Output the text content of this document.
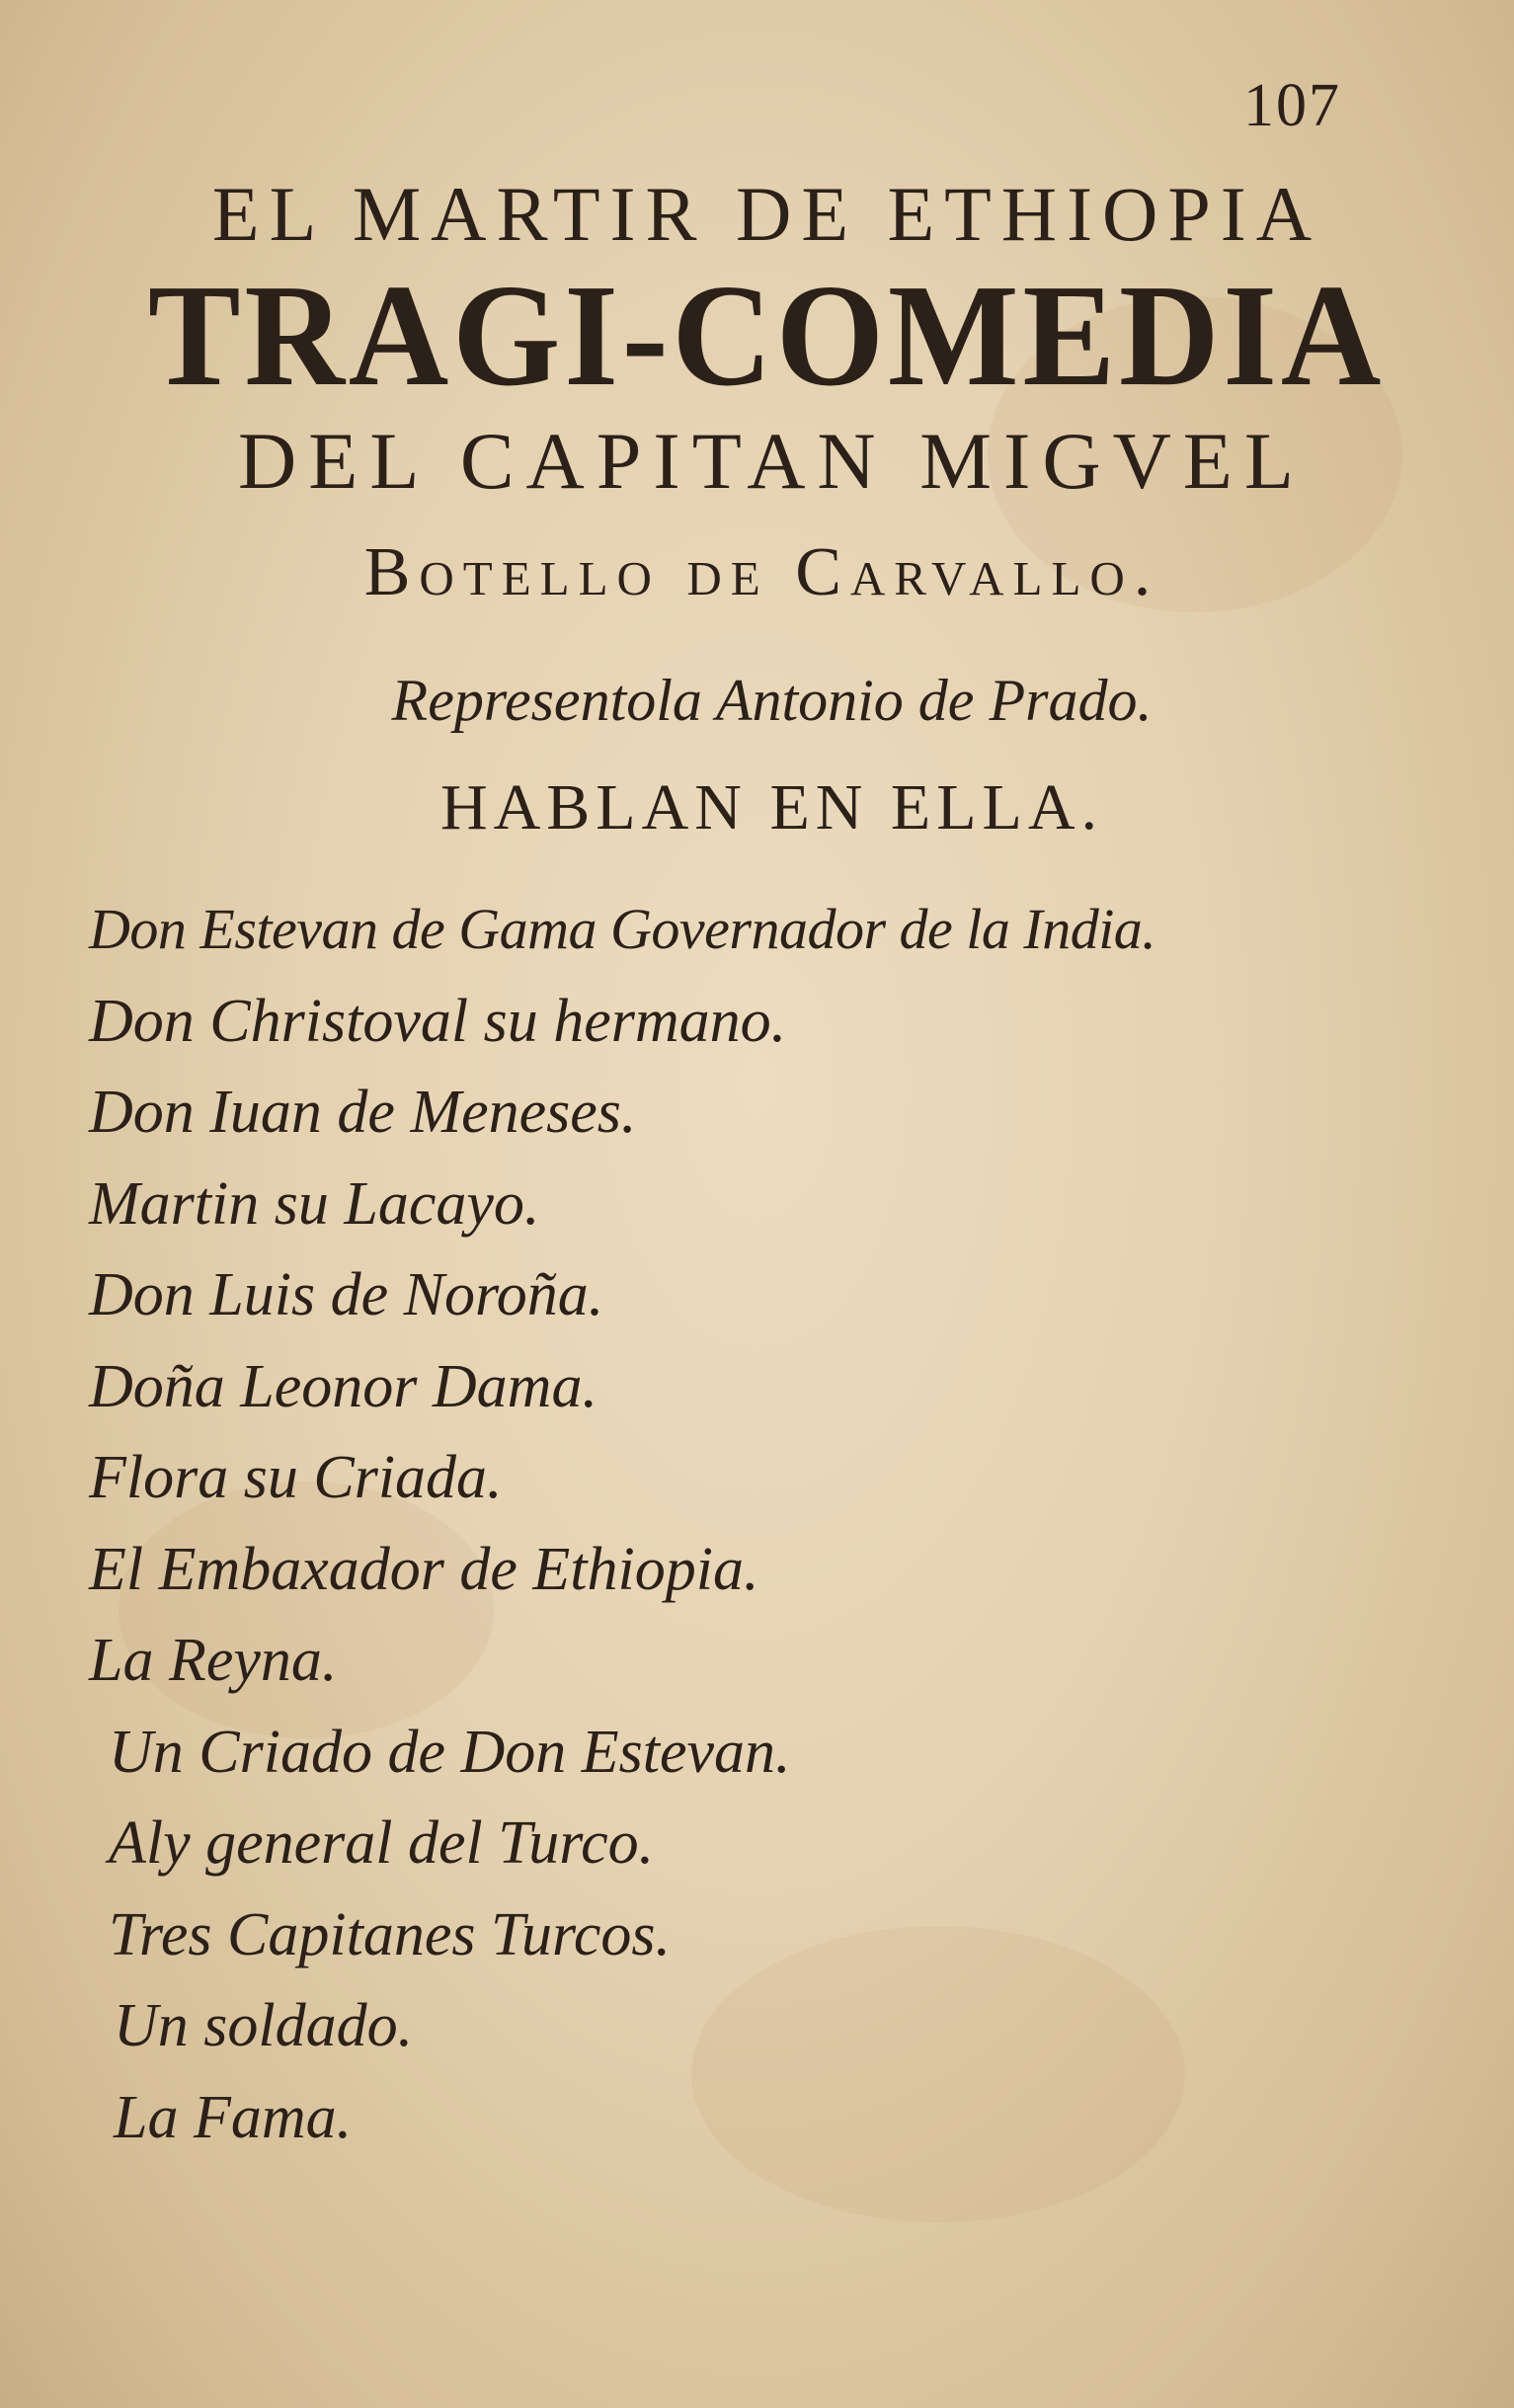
107
EL MARTIR DE ETHIOPIA
TRAGI-COMEDIA
DEL CAPITAN MIGVEL
Botello de Carvallo.
Representola Antonio de Prado.
HABLAN EN ELLA.
Don Estevan de Gama Governador de la India.
Don Christoval su hermano.
Don Iuan de Meneses.
Martin su Lacayo.
Don Luis de Noroña.
Doña Leonor Dama.
Flora su Criada.
El Embaxador de Ethiopia.
La Reyna.
Un Criado de Don Estevan.
Aly general del Turco.
Tres Capitanes Turcos.
Un soldado.
La Fama.
